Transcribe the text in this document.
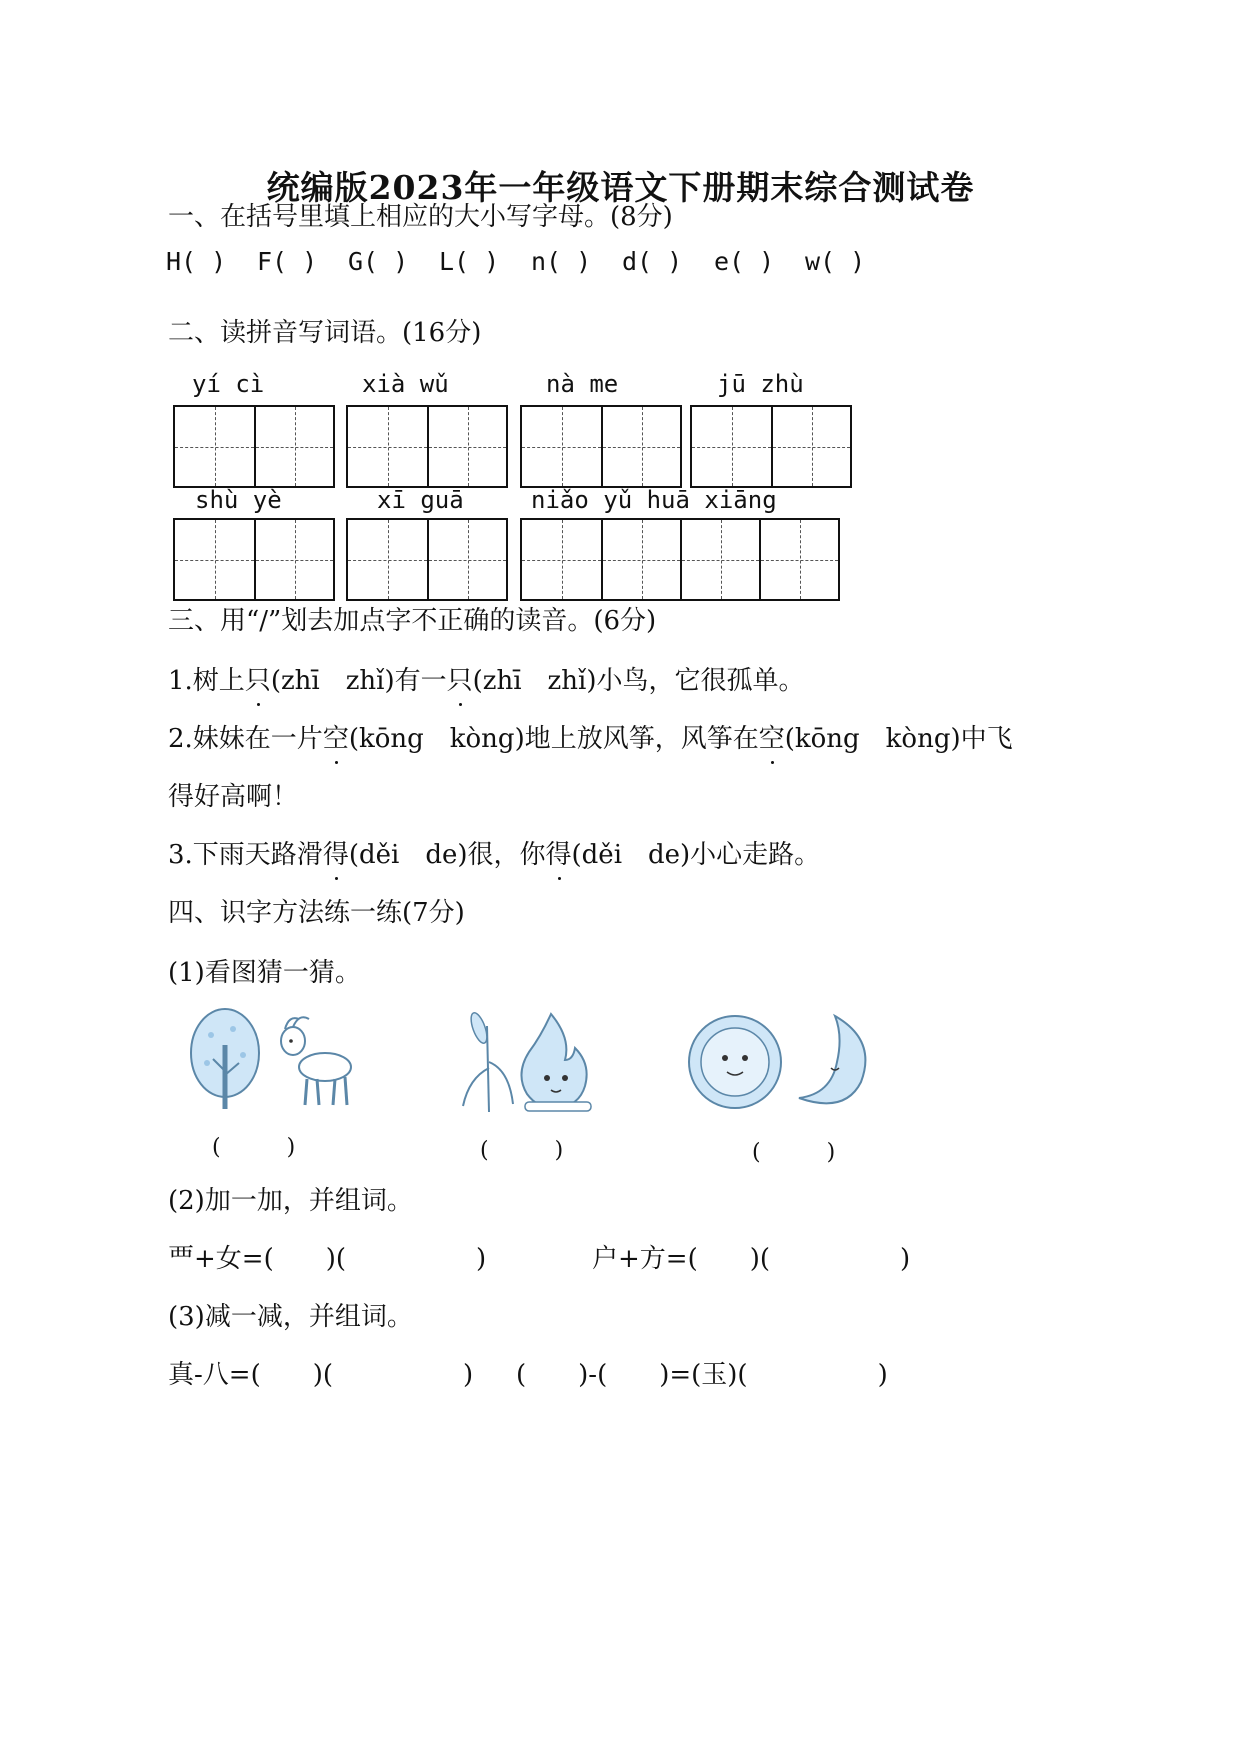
统编版2023年一年级语文下册期末综合测试卷
一、在括号里填上相应的大小写字母。(8分)
H( ) F( ) G( ) L( ) n( ) d( ) e( ) w( )
二、读拼音写词语。(16分)
yí cì	xià wǔ	nà me	jū zhù
shù yè	xī guā	niǎo yǔ huā xiāng
三、用“/”划去加点字不正确的读音。(6分)
1.树上只(zhī　zhǐ)有一只(zhī　zhǐ)小鸟，它很孤单。
2.妹妹在一片空(kōng　kòng)地上放风筝，风筝在空(kōng　kòng)中飞
得好高啊！
3.下雨天路滑得(děi　de)很，你得(děi　de)小心走路。
四、识字方法练一练(7分)
(1)看图猜一猜。
(　　　)	(　　　)	(　　　)
(2)加一加，并组词。
覀+女=(　　)(　　　　　)	户+方=(　　)(　　　　　)
(3)减一减，并组词。
真-八=(　　)(　　　　　) (　　)-(　　)=(玉)(　　　　　)
